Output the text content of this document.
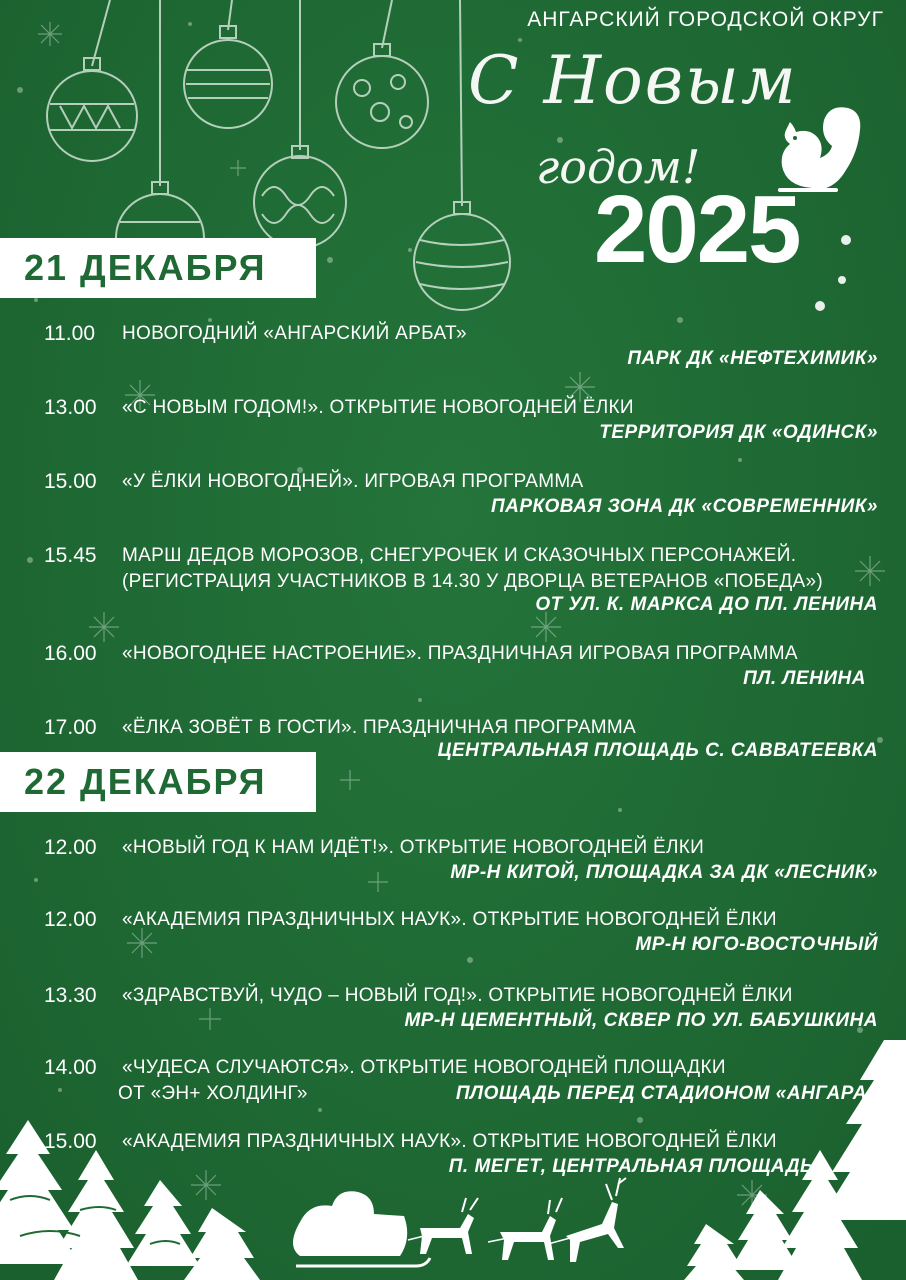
АНГАРСКИЙ ГОРОДСКОЙ ОКРУГ
С Новым
годом!
2025
21 ДЕКАБРЯ
11.00 НОВОГОДНИЙ «АНГАРСКИЙ АРБАТ»
ПАРК ДК «НЕФТЕХИМИК»
13.00 «С НОВЫМ ГОДОМ!». ОТКРЫТИЕ НОВОГОДНЕЙ ЁЛКИ
ТЕРРИТОРИЯ ДК «ОДИНСК»
15.00 «У ЁЛКИ НОВОГОДНЕЙ». ИГРОВАЯ ПРОГРАММА
ПАРКОВАЯ ЗОНА ДК «СОВРЕМЕННИК»
15.45 МАРШ ДЕДОВ МОРОЗОВ, СНЕГУРОЧЕК И СКАЗОЧНЫХ ПЕРСОНАЖЕЙ.
(РЕГИСТРАЦИЯ УЧАСТНИКОВ В 14.30 У ДВОРЦА ВЕТЕРАНОВ «ПОБЕДА»)
ОТ УЛ. К. МАРКСА ДО ПЛ. ЛЕНИНА
16.00 «НОВОГОДНЕЕ НАСТРОЕНИЕ». ПРАЗДНИЧНАЯ ИГРОВАЯ ПРОГРАММА
ПЛ. ЛЕНИНА
17.00 «ЁЛКА ЗОВЁТ В ГОСТИ». ПРАЗДНИЧНАЯ ПРОГРАММА
ЦЕНТРАЛЬНАЯ ПЛОЩАДЬ С. САВВАТЕЕВКА
22 ДЕКАБРЯ
12.00 «НОВЫЙ ГОД К НАМ ИДЁТ!». ОТКРЫТИЕ НОВОГОДНЕЙ ЁЛКИ
МР-Н КИТОЙ, ПЛОЩАДКА ЗА ДК «ЛЕСНИК»
12.00 «АКАДЕМИЯ ПРАЗДНИЧНЫХ НАУК». ОТКРЫТИЕ НОВОГОДНЕЙ ЁЛКИ
МР-Н ЮГО-ВОСТОЧНЫЙ
13.30 «ЗДРАВСТВУЙ, ЧУДО – НОВЫЙ ГОД!». ОТКРЫТИЕ НОВОГОДНЕЙ ЁЛКИ
МР-Н ЦЕМЕНТНЫЙ, СКВЕР ПО УЛ. БАБУШКИНА
14.00 «ЧУДЕСА СЛУЧАЮТСЯ». ОТКРЫТИЕ НОВОГОДНЕЙ ПЛОЩАДКИ
ОТ «ЭН+ ХОЛДИНГ»	ПЛОЩАДЬ ПЕРЕД СТАДИОНОМ «АНГАРА»
15.00 «АКАДЕМИЯ ПРАЗДНИЧНЫХ НАУК». ОТКРЫТИЕ НОВОГОДНЕЙ ЁЛКИ
П. МЕГЕТ, ЦЕНТРАЛЬНАЯ ПЛОЩАДЬ
